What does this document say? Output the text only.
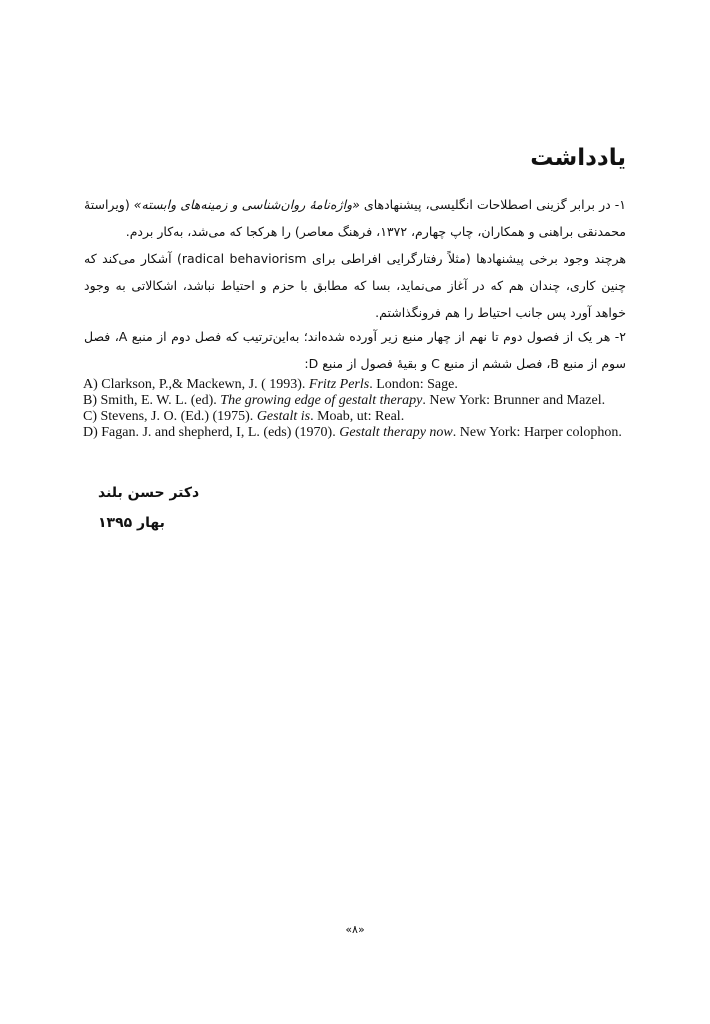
یادداشت

۱- در برابر گزینی اصطلاحات انگلیسی، پیشنهادهای «واژه‌نامهٔ روان‌شناسی و زمینه‌های وابسته» (ویراستهٔ محمدنقی براهنی و همکاران، چاپ چهارم، ۱۳۷۲، فرهنگ معاصر) را هرکجا که می‌شد، به‌کار بردم.

هرچند وجود برخی پیشنهادها (مثلاً رفتارگرایی افراطی برای radical behaviorism) آشکار می‌کند که چنین کاری، چندان هم که در آغاز می‌نماید، بسا که مطابق با حزم و احتیاط نباشد، اشکالاتی به وجود خواهد آورد پس جانب احتیاط را هم فرونگذاشتم.

۲- هر یک از فصول دوم تا نهم از چهار منبع زیر آورده شده‌اند؛ به‌این‌ترتیب که فصل دوم از منبع A، فصل سوم از منبع B، فصل ششم از منبع C و بقیهٔ فصول از منبع D:

A) Clarkson, P.,& Mackewn, J. ( 1993). Fritz Perls. London: Sage.
B) Smith, E. W. L. (ed). The growing edge of gestalt therapy. New York: Brunner and Mazel.
C) Stevens, J. O. (Ed.) (1975). Gestalt is. Moab, ut: Real.
D) Fagan. J. and shepherd, I, L. (eds) (1970). Gestalt therapy now. New York: Harper colophon.
دکتر حسن بلند
بهار ۱۳۹۵
«۸»
